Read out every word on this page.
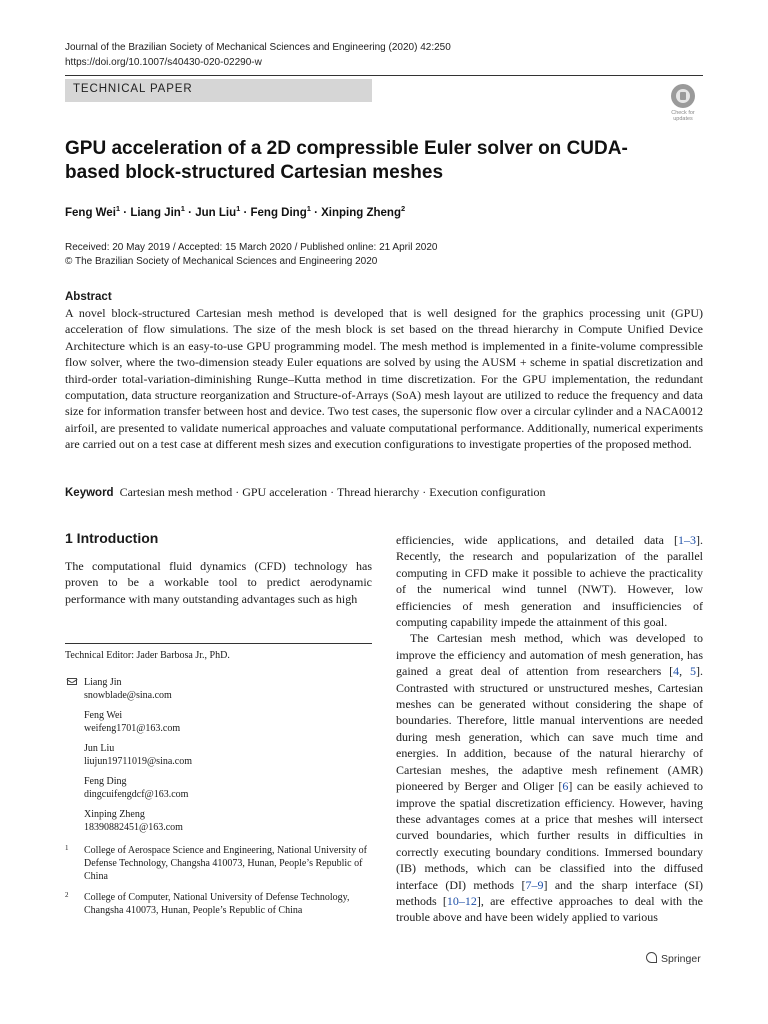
Journal of the Brazilian Society of Mechanical Sciences and Engineering (2020) 42:250
https://doi.org/10.1007/s40430-020-02290-w
TECHNICAL PAPER
Check for
updates
GPU acceleration of a 2D compressible Euler solver on CUDA-based block-structured Cartesian meshes
Feng Wei$^1$ · Liang Jin$^1$ · Jun Liu$^1$ · Feng Ding$^1$ · Xinping Zheng$^2$
Received: 20 May 2019 / Accepted: 15 March 2020 / Published online: 21 April 2020
© The Brazilian Society of Mechanical Sciences and Engineering 2020
Abstract

A novel block-structured Cartesian mesh method is developed that is well designed for the graphics processing unit (GPU) acceleration of flow simulations. The size of the mesh block is set based on the thread hierarchy in Compute Unified Device Architecture which is an easy-to-use GPU programming model. The mesh method is implemented in a finite-volume compressible flow solver, where the two-dimension steady Euler equations are solved by using the AUSM + scheme in spatial discretization and third-order total-variation-diminishing Runge–Kutta method in time discretization. For the GPU implementation, the redundant computation, data structure reorganization and Structure-of-Arrays (SoA) mesh layout are utilized to reduce the frequency and data size for information transfer between host and device. Two test cases, the supersonic flow over a circular cylinder and a NACA0012 airfoil, are presented to validate numerical approaches and valuate computational performance. Additionally, numerical experiments are carried out on a test case at different mesh sizes and execution configurations to investigate properties of the proposed method.

Keyword Cartesian mesh method · GPU acceleration · Thread hierarchy · Execution configuration
1 Introduction

The computational fluid dynamics (CFD) technology has proven to be a workable tool to predict aerodynamic performance with many outstanding advantages such as high

Technical Editor: Jader Barbosa Jr., PhD.
Liang Jin
snowblade@sina.com
Feng Wei
weifeng1701@163.com
Jun Liu
liujun19711019@sina.com
Feng Ding
dingcuifengdcf@163.com
Xinping Zheng
18390882451@163.com
1 College of Aerospace Science and Engineering, National University of Defense Technology, Changsha 410073, Hunan, People’s Republic of China
2 College of Computer, National University of Defense Technology, Changsha 410073, Hunan, People’s Republic of China

efficiencies, wide applications, and detailed data [1–3]. Recently, the research and popularization of the parallel computing in CFD make it possible to achieve the practicality of the numerical wind tunnel (NWT). However, low efficiencies of mesh generation and insufficiencies of computing capability impede the attainment of this goal.

The Cartesian mesh method, which was developed to improve the efficiency and automation of mesh generation, has gained a great deal of attention from researchers [4, 5]. Contrasted with structured or unstructured meshes, Cartesian meshes can be generated without considering the shape of boundaries. Therefore, little manual interventions are needed during mesh generation, which can save much time and energies. In addition, because of the natural hierarchy of Cartesian meshes, the adaptive mesh refinement (AMR) pioneered by Berger and Oliger [6] can be easily achieved to improve the spatial discretization efficiency. However, having these advantages comes at a price that meshes will intersect curved boundaries, which further results in difficulties in correctly executing boundary conditions. Immersed boundary (IB) methods, which can be classified into the diffused interface (DI) methods [7–9] and the sharp interface (SI) methods [10–12], are effective approaches to deal with the trouble above and have been widely applied to various

Springer
